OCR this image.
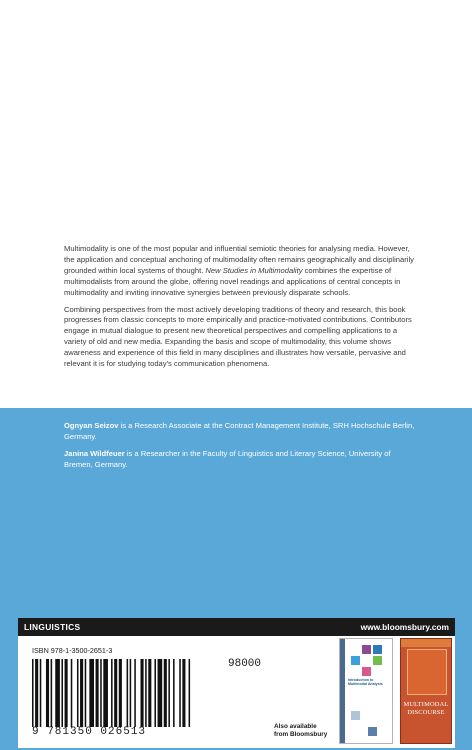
Multimodality is one of the most popular and influential semiotic theories for analysing media. However, the application and conceptual anchoring of multimodality often remains geographically and disciplinarily grounded within local systems of thought. New Studies in Multimodality combines the expertise of multimodalists from around the globe, offering novel readings and applications of central concepts in multimodality and inviting innovative synergies between previously disparate schools.

Combining perspectives from the most actively developing traditions of theory and research, this book progresses from classic concepts to more empirically and practice-motivated contributions. Contributors engage in mutual dialogue to present new theoretical perspectives and compelling applications to a variety of old and new media. Expanding the basis and scope of multimodality, this volume shows awareness and experience of this field in many disciplines and illustrates how versatile, pervasive and relevant it is for studying today's communication phenomena.

Ognyan Seizov is a Research Associate at the Contract Management Institute, SRH Hochschule Berlin, Germany.

Janina Wildfeuer is a Researcher in the Faculty of Linguistics and Literary Science, University of Bremen, Germany.

LINGUISTICS	www.bloomsbury.com
ISBN 978-1-3500-2651-3
98000
9 781350 026513	Also available
from Bloomsbury
Introduction to Multimodal Analysis
MULTIMODAL
DISCOURSE
